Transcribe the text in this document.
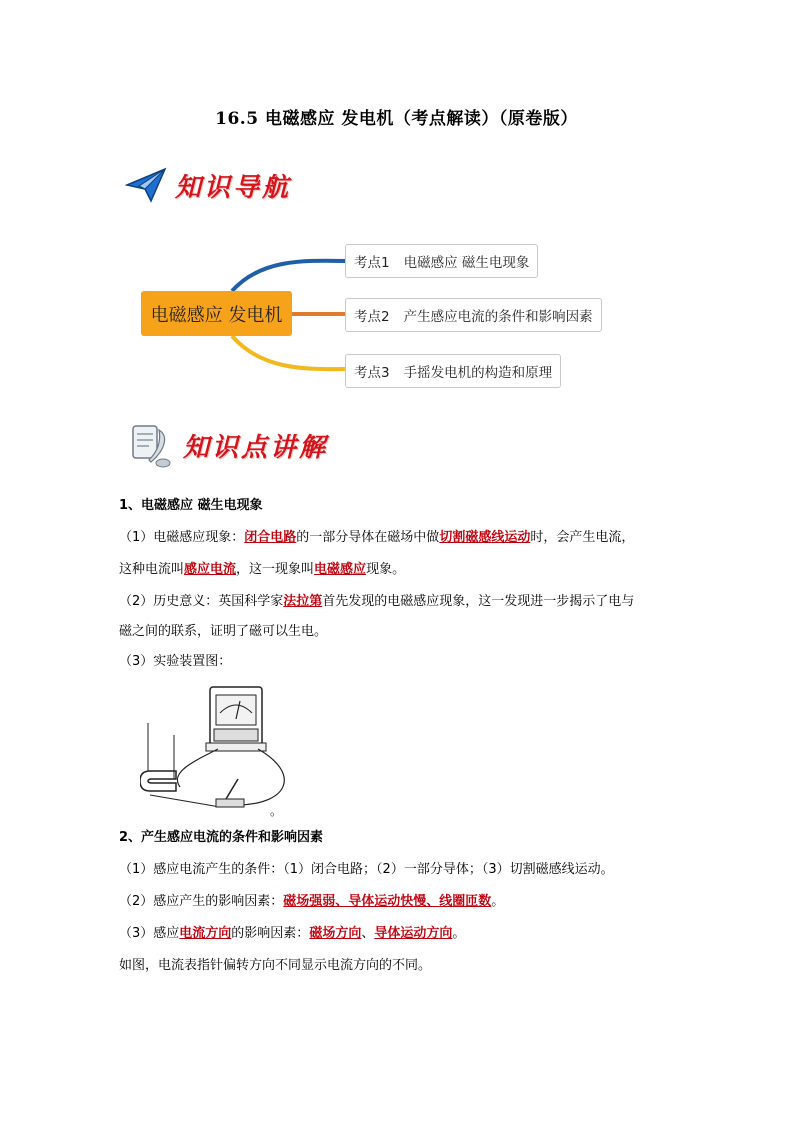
16.5 电磁感应 发电机（考点解读）（原卷版）
知识导航
电磁感应 发电机
考点1 电磁感应 磁生电现象
考点2 产生感应电流的条件和影响因素
考点3 手摇发电机的构造和原理
知识点讲解
1、电磁感应 磁生电现象
（1）电磁感应现象：闭合电路的一部分导体在磁场中做切割磁感线运动时，会产生电流，
这种电流叫感应电流，这一现象叫电磁感应现象。
（2）历史意义：英国科学家法拉第首先发现的电磁感应现象，这一发现进一步揭示了电与
磁之间的联系，证明了磁可以生电。
（3）实验装置图：
2、产生感应电流的条件和影响因素
（1）感应电流产生的条件：（1）闭合电路；（2）一部分导体；（3）切割磁感线运动。
（2）感应产生的影响因素：磁场强弱、导体运动快慢、线圈匝数。
（3）感应电流方向的影响因素：磁场方向、导体运动方向。
如图，电流表指针偏转方向不同显示电流方向的不同。
。
